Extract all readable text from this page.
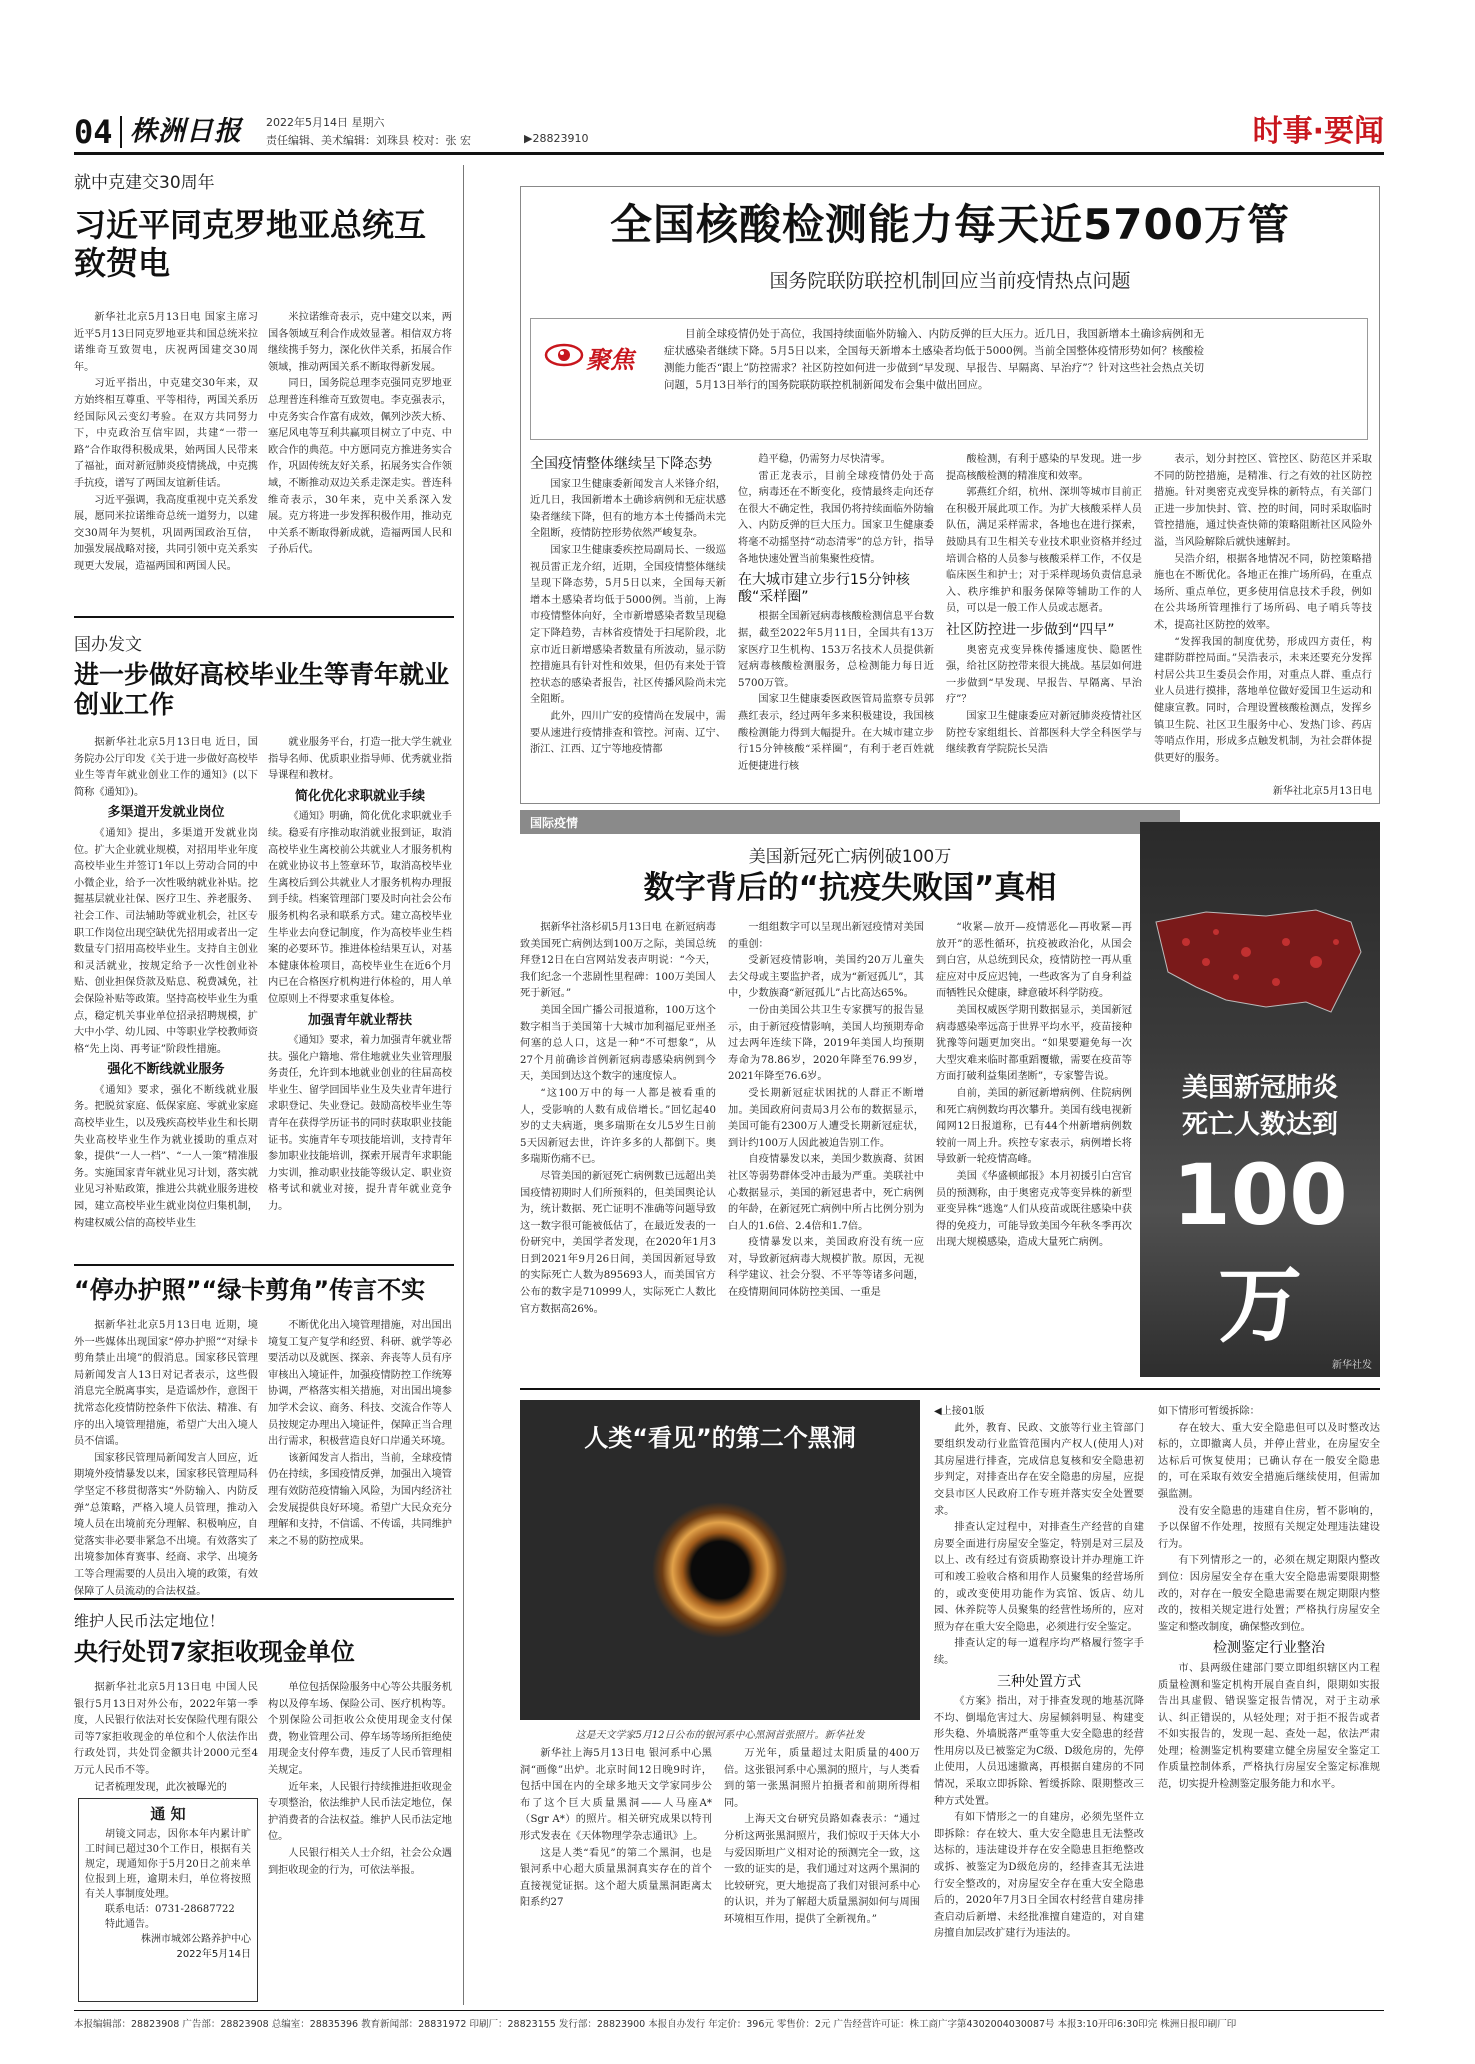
04 株洲日报 2022年5月14日 星期六
责任编辑、美术编辑：刘珠县 校对：张 宏	▶28823910	时事·要闻
就中克建交30周年
习近平同克罗地亚总统互致贺电

新华社北京5月13日电 国家主席习近平5月13日同克罗地亚共和国总统米拉诺维奇互致贺电，庆祝两国建交30周年。

习近平指出，中克建交30年来，双方始终相互尊重、平等相待，两国关系历经国际风云变幻考验。在双方共同努力下，中克政治互信牢固，共建“一带一路”合作取得积极成果，始两国人民带来了福祉，面对新冠肺炎疫情挑战，中克携手抗疫，谱写了两国友谊新佳话。

习近平强调，我高度重视中克关系发展，愿同米拉诺维奇总统一道努力，以建交30周年为契机，巩固两国政治互信，加强发展战略对接，共同引领中克关系实现更大发展，造福两国和两国人民。

米拉诺维奇表示，克中建交以来，两国各领域互利合作成效显著。相信双方将继续携手努力，深化伙伴关系，拓展合作领域，推动两国关系不断取得新发展。

同日，国务院总理李克强同克罗地亚总理普连科维奇互致贺电。李克强表示，中克务实合作富有成效，佩列沙茨大桥、塞尼风电等互利共赢项目树立了中克、中欧合作的典范。中方愿同克方推进务实合作，巩固传统友好关系，拓展务实合作领域，不断推动双边关系走深走实。普连科维奇表示，30年来，克中关系深入发展。克方将进一步发挥积极作用，推动克中关系不断取得新成就，造福两国人民和子孙后代。

国办发文
进一步做好高校毕业生等青年就业创业工作

据新华社北京5月13日电 近日，国务院办公厅印发《关于进一步做好高校毕业生等青年就业创业工作的通知》(以下简称《通知》)。

多渠道开发就业岗位

《通知》提出，多渠道开发就业岗位。扩大企业就业规模，对招用毕业年度高校毕业生并签订1年以上劳动合同的中小微企业，给予一次性吸纳就业补贴。挖掘基层就业社保、医疗卫生、养老服务、社会工作、司法辅助等就业机会，社区专职工作岗位出现空缺优先招用或者出一定数量专门招用高校毕业生。支持自主创业和灵活就业，按规定给予一次性创业补贴、创业担保贷款及贴息、税费减免，社会保险补贴等政策。坚持高校毕业生为重点，稳定机关事业单位招录招聘规模，扩大中小学、幼儿园、中等职业学校教师资格“先上岗、再考证”阶段性措施。

强化不断线就业服务

《通知》要求，强化不断线就业服务。把脱贫家庭、低保家庭、零就业家庭高校毕业生，以及残疾高校毕业生和长期失业高校毕业生作为就业援助的重点对象，提供“一人一档”、“一人一策”精准服务。实施国家青年就业见习计划，落实就业见习补贴政策，推进公共就业服务进校园，建立高校毕业生就业岗位归集机制，构建权威公信的高校毕业生

就业服务平台，打造一批大学生就业指导名师、优质职业指导师、优秀就业指导课程和教材。

简化优化求职就业手续

《通知》明确，简化优化求职就业手续。稳妥有序推动取消就业报到证，取消高校毕业生离校前公共就业人才服务机构在就业协议书上签章环节，取消高校毕业生离校后到公共就业人才服务机构办理报到手续。档案管理部门要及时向社会公布服务机构名录和联系方式。建立高校毕业生毕业去向登记制度，作为高校毕业生档案的必要环节。推进体检结果互认，对基本健康体检项目，高校毕业生在近6个月内已在合格医疗机构进行体检的，用人单位原则上不得要求重复体检。

加强青年就业帮扶

《通知》要求，着力加强青年就业帮扶。强化户籍地、常住地就业失业管理服务责任，允许到本地就业创业的往届高校毕业生、留学回国毕业生及失业青年进行求职登记、失业登记。鼓励高校毕业生等青年在获得学历证书的同时获取职业技能证书。实施青年专项技能培训，支持青年参加职业技能培训，探索开展青年求职能力实训，推动职业技能等级认定、职业资格考试和就业对接，提升青年就业竞争力。

“停办护照”“绿卡剪角”传言不实

据新华社北京5月13日电 近期，境外一些媒体出现国家“停办护照”“对绿卡剪角禁止出境”的假消息。国家移民管理局新闻发言人13日对记者表示，这些假消息完全脱离事实，是造谣炒作，意图干扰常态化疫情防控条件下依法、精准、有序的出入境管理措施，希望广大出入境人员不信谣。

国家移民管理局新闻发言人回应，近期境外疫情暴发以来，国家移民管理局科学坚定不移贯彻落实“外防输入、内防反弹”总策略，严格入境人员管理，推动入境人员在出境前充分理解、积极响应，自觉落实非必要非紧急不出境。有效落实了出境参加体育赛事、经商、求学、出境务工等合理需要的人员出入境的政策，有效保障了人员流动的合法权益。

不断优化出入境管理措施，对出国出境复工复产复学和经贸、科研、就学等必要活动以及就医、探亲、奔丧等人员有序审核出入境证件，加强疫情防控工作统筹协调，严格落实相关措施，对出国出境参加学术会议、商务、科技、交流合作等人员按规定办理出入境证件，保障正当合理出行需求，积极营造良好口岸通关环境。

该新闻发言人指出，当前，全球疫情仍在持续，多国疫情反弹，加强出入境管理有效防范疫情输入风险，为国内经济社会发展提供良好环境。希望广大民众充分理解和支持，不信谣、不传谣，共同维护来之不易的防控成果。

维护人民币法定地位！
央行处罚7家拒收现金单位

据新华社北京5月13日电 中国人民银行5月13日对外公布，2022年第一季度，人民银行依法对长安保险代理有限公司等7家拒收现金的单位和个人依法作出行政处罚，共处罚金额共计2000元至4万元人民币不等。

记者梳理发现，此次被曝光的

单位包括保险服务中心等公共服务机构以及停车场、保险公司、医疗机构等。个别保险公司拒收公众使用现金支付保费，物业管理公司、停车场等场所拒绝使用现金支付停车费，违反了人民币管理相关规定。

近年来，人民银行持续推进拒收现金专项整治，依法维护人民币法定地位，保护消费者的合法权益。维护人民币法定地位。

人民银行相关人士介绍，社会公众遇到拒收现金的行为，可依法举报。

通 知

胡镜文同志，因你本年内累计旷工时间已超过30个工作日，根据有关规定，现通知你于5月20日之前来单位报到上班，逾期未归，单位将按照有关人事制度处理。

联系电话：0731-28687722

特此通告。

株洲市城郊公路养护中心
2022年5月14日
全国核酸检测能力每天近5700万管
国务院联防联控机制回应当前疫情热点问题
聚焦

目前全球疫情仍处于高位，我国持续面临外防输入、内防反弹的巨大压力。近几日，我国新增本土确诊病例和无症状感染者继续下降。5月5日以来，全国每天新增本土感染者均低于5000例。当前全国整体疫情形势如何？核酸检测能力能否“跟上”防控需求？社区防控如何进一步做到“早发现、早报告、早隔离、早治疗”？针对这些社会热点关切问题，5月13日举行的国务院联防联控机制新闻发布会集中做出回应。

全国疫情整体继续呈下降态势

国家卫生健康委新闻发言人米锋介绍，近几日，我国新增本土确诊病例和无症状感染者继续下降，但有的地方本土传播尚未完全阻断，疫情防控形势依然严峻复杂。

国家卫生健康委疾控局副局长、一级巡视员雷正龙介绍，近期，全国疫情整体继续呈现下降态势，5月5日以来，全国每天新增本土感染者均低于5000例。当前，上海市疫情整体向好，全市新增感染者数呈现稳定下降趋势，吉林省疫情处于扫尾阶段，北京市近日新增感染者数量有所波动，显示防控措施具有针对性和效果，但仍有来处于管控状态的感染者报告，社区传播风险尚未完全阻断。

此外，四川广安的疫情尚在发展中，需要从速进行疫情排查和管控。河南、辽宁、浙江、江西、辽宁等地疫情都

趋平稳，仍需努力尽快清零。

雷正龙表示，目前全球疫情仍处于高位，病毒还在不断变化，疫情最终走向还存在很大不确定性，我国仍将持续面临外防输入、内防反弹的巨大压力。国家卫生健康委将毫不动摇坚持“动态清零”的总方针，指导各地快速处置当前集聚性疫情。

在大城市建立步行15分钟核酸“采样圈”

根据全国新冠病毒核酸检测信息平台数据，截至2022年5月11日，全国共有13万家医疗卫生机构、153万名技术人员提供新冠病毒核酸检测服务，总检测能力每日近5700万管。

国家卫生健康委医政医管局监察专员郭燕红表示，经过两年多来积极建设，我国核酸检测能力得到大幅提升。在大城市建立步行15分钟核酸“采样圈”，有利于老百姓就近便捷进行核

酸检测，有利于感染的早发现。进一步提高核酸检测的精准度和效率。

郭燕红介绍，杭州、深圳等城市目前正在积极开展此项工作。为扩大核酸采样人员队伍，满足采样需求，各地也在进行探索，鼓励具有卫生相关专业技术职业资格并经过培训合格的人员参与核酸采样工作，不仅是临床医生和护士；对于采样现场负责信息录入、秩序维护和服务保障等辅助工作的人员，可以是一般工作人员或志愿者。

社区防控进一步做到“四早”

奥密克戎变异株传播速度快、隐匿性强，给社区防控带来很大挑战。基层如何进一步做到“早发现、早报告、早隔离、早治疗”？

国家卫生健康委应对新冠肺炎疫情社区防控专家组组长、首都医科大学全科医学与继续教育学院院长吴浩

表示，划分封控区、管控区、防范区并采取不同的防控措施，是精准、行之有效的社区防控措施。针对奥密克戎变异株的新特点，有关部门正进一步加快封、管、控的时间，同时采取临时管控措施，通过快查快筛的策略阻断社区风险外溢，当风险解除后就快速解封。

吴浩介绍，根据各地情况不同，防控策略措施也在不断优化。各地正在推广场所码，在重点场所、重点单位，更多使用信息技术手段，例如在公共场所管理推行了场所码、电子哨兵等技术，提高社区防控的效率。

“发挥我国的制度优势，形成四方责任，构建群防群控局面。”吴浩表示，未来还要充分发挥村居公共卫生委员会作用，对重点人群、重点行业人员进行摸排，落地单位做好爱国卫生运动和健康宣教。同时，合理设置核酸检测点，发挥乡镇卫生院、社区卫生服务中心、发热门诊、药店等哨点作用，形成多点触发机制，为社会群体提供更好的服务。

新华社北京5月13日电
国际疫情
美国新冠死亡病例破100万
数字背后的“抗疫失败国”真相

据新华社洛杉矶5月13日电 在新冠病毒致美国死亡病例达到100万之际，美国总统拜登12日在白宫网站发表声明说：“今天，我们纪念一个悲剧性里程碑：100万美国人死于新冠。”

美国全国广播公司报道称，100万这个数字相当于美国第十大城市加利福尼亚州圣何塞的总人口，这是一种“不可想象”，从27个月前确诊首例新冠病毒感染病例到今天，美国到达这个数字的速度惊人。

“这100万中的每一人都是被看重的人，受影响的人数有成倍增长。”回忆起40岁的丈夫病逝，奥多瑞斯在女儿5岁生日前5天因新冠去世，许许多多的人都倒下。奥多瑞斯伤痛不已。

尽管美国的新冠死亡病例数已远超出美国疫情初期时人们所预料的，但美国舆论认为，统计数据、死亡证明不准确等问题导致这一数字很可能被低估了，在最近发表的一份研究中，美国学者发现，在2020年1月3日到2021年9月26日间，美国因新冠导致的实际死亡人数为895693人，而美国官方公布的数字是710999人，实际死亡人数比官方数据高26%。

一组组数字可以呈现出新冠疫情对美国的重创：

受新冠疫情影响，美国约20万儿童失去父母或主要监护者，成为“新冠孤儿”，其中，少数族裔“新冠孤儿”占比高达65%。

一份由美国公共卫生专家撰写的报告显示，由于新冠疫情影响，美国人均预期寿命过去两年连续下降，2019年美国人均预期寿命为78.86岁，2020年降至76.99岁，2021年降至76.6岁。

受长期新冠症状困扰的人群正不断增加。美国政府问责局3月公布的数据显示，美国可能有2300万人遭受长期新冠症状，到计约100万人因此被迫告别工作。

自疫情暴发以来，美国少数族裔、贫困社区等弱势群体受冲击最为严重。美联社中心数据显示，美国的新冠患者中，死亡病例的年龄，在新冠死亡病例中所占比例分别为白人的1.6倍、2.4倍和1.7倍。

疫情暴发以来，美国政府没有统一应对，导致新冠病毒大规模扩散。原因，无视科学建议、社会分裂、不平等等诸多问题，在疫情期间同体防控美国、一重是

“收紧—放开—疫情恶化—再收紧—再放开”的恶性循环，抗疫被政治化，从国会到白宫，从总统到民众，疫情防控一再从重症应对中反应迟钝，一些政客为了自身利益而牺牲民众健康，肆意破坏科学防疫。

美国权威医学期刊数据显示，美国新冠病毒感染率远高于世界平均水平，疫苗接种犹豫等问题更加突出。“如果要避免每一次大型灾难来临时都重蹈覆辙，需要在疫苗等方面打破利益集团垄断”，专家警告说。

自前，美国的新冠新增病例、住院病例和死亡病例数均再次攀升。美国有线电视新闻网12日报道称，已有44个州新增病例数较前一周上升。疾控专家表示，病例增长将导致新一轮疫情高峰。

美国《华盛顿邮报》本月初援引白宫官员的预测称，由于奥密克戎等变异株的新型亚变异株“逃逸”人们从疫苗或既往感染中获得的免疫力，可能导致美国今年秋冬季再次出现大规模感染，造成大量死亡病例。

美国新冠肺炎
死亡人数达到
100万
新华社发
人类“看见”的第二个黑洞
这是天文学家5月12日公布的银河系中心黑洞首张照片。新华社发

新华社上海5月13日电 银河系中心黑洞“画像”出炉。北京时间12日晚9时许，包括中国在内的全球多地天文学家同步公布了这个巨大质量黑洞——人马座A*（Sgr A*）的照片。相关研究成果以特刊形式发表在《天体物理学杂志通讯》上。

这是人类“看见”的第二个黑洞，也是银河系中心超大质量黑洞真实存在的首个直接视觉证据。这个超大质量黑洞距离太阳系约27

万光年，质量超过太阳质量的400万倍。这张银河系中心黑洞的照片，与人类看到的第一张黑洞照片拍摄者和前期所得相同。

上海天文台研究员路如森表示：“通过分析这两张黑洞照片，我们惊叹于天体大小与爱因斯坦广义相对论的预测完全一致，这一致的证实的是，我们通过对这两个黑洞的比较研究，更大地提高了我们对银河系中心的认识，并为了解超大质量黑洞如何与周围环境相互作用，提供了全新视角。”

◀上接01版

此外，教育、民政、文旅等行业主管部门要组织发动行业监管范围内产权人(使用人)对其房屋进行排查，完成信息复核和安全隐患初步判定，对排查出存在安全隐患的房屋，应提交县市区人民政府工作专班并落实安全处置要求。

排查认定过程中，对排查生产经营的自建房要全面进行房屋安全鉴定，特别是对三层及以上、改有经过有资质勘察设计并办理施工许可和竣工验收合格和用作人员聚集的经营场所的，或改变使用功能作为宾馆、饭店、幼儿园、休养院等人员聚集的经营性场所的，应对照为存在重大安全隐患，必须进行安全鉴定。

排查认定的每一道程序均严格履行签字手续。

三种处置方式

《方案》指出，对于排查发现的地基沉降不均、倒塌危害过大、房屋倾斜明显、构建变形失稳、外墙脱落严重等重大安全隐患的经营性用房以及已被鉴定为C级、D级危房的，先停止使用，人员迅速撤离，再根据自建房的不同情况，采取立即拆除、暂缓拆除、限期整改三种方式处置。

有如下情形之一的自建房，必须先坚件立即拆除：存在较大、重大安全隐患且无法整改达标的，违法建设并存在安全隐患且拒绝整改或拆、被鉴定为D级危房的，经排查其无法进行安全整改的，对房屋安全存在重大安全隐患后的，2020年7月3日全国农村经营自建房排查启动后新增、未经批准擅自建造的，对自建房擅自加层改扩建行为违法的。

如下情形可暂缓拆除：

存在较大、重大安全隐患但可以及时整改达标的，立即撤离人员，并停止营业，在房屋安全达标后可恢复使用；已确认存在一般安全隐患的，可在采取有效安全措施后继续使用，但需加强监测。

没有安全隐患的违建自住房，暂不影响的，予以保留不作处理，按照有关规定处理违法建设行为。

有下列情形之一的，必须在规定期限内整改到位：因房屋安全存在重大安全隐患需要限期整改的，对存在一般安全隐患需要在规定期限内整改的，按相关规定进行处置；严格执行房屋安全鉴定和整改制度，确保整改到位。

检测鉴定行业整治

市、县两级住建部门要立即组织辖区内工程质量检测和鉴定机构开展自查自纠，限期如实报告出具虚假、错误鉴定报告情况，对于主动承认、纠正错误的，从轻处理；对于拒不报告或者不如实报告的，发现一起、查处一起，依法严肃处理；检测鉴定机构要建立健全房屋安全鉴定工作质量控制体系，严格执行房屋安全鉴定标准规范，切实提升检测鉴定服务能力和水平。

本报编辑部：28823908 广告部：28823908 总编室：28835396 教育新闻部：28831972 印刷厂：28823155 发行部：28823900 本报自办发行 年定价：396元 零售价：2元 广告经营许可证：株工商广字第4302004030087号 本报3:10开印6:30印完 株洲日报印刷厂印
